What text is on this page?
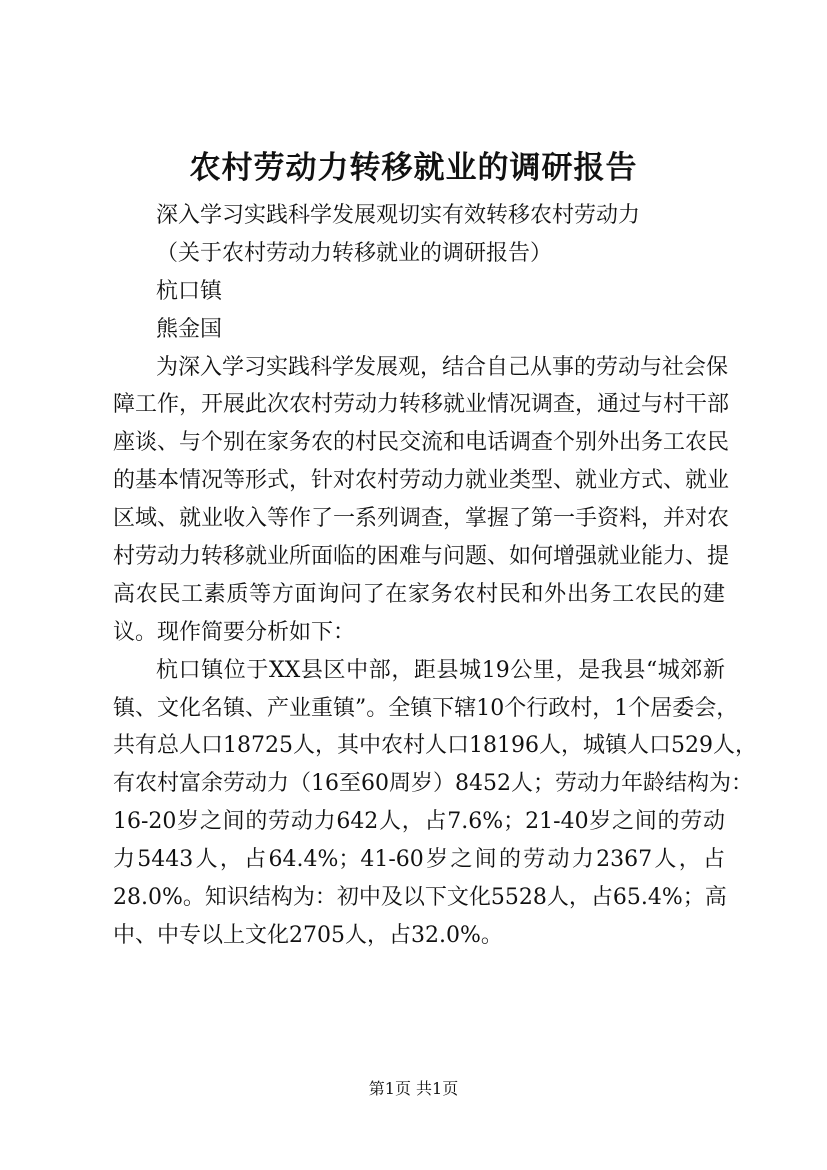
农村劳动力转移就业的调研报告
深入学习实践科学发展观切实有效转移农村劳动力
（关于农村劳动力转移就业的调研报告）
杭口镇
熊金国
为深入学习实践科学发展观，结合自己从事的劳动与社会保
障工作，开展此次农村劳动力转移就业情况调查，通过与村干部
座谈、与个别在家务农的村民交流和电话调查个别外出务工农民
的基本情况等形式，针对农村劳动力就业类型、就业方式、就业
区域、就业收入等作了一系列调查，掌握了第一手资料，并对农
村劳动力转移就业所面临的困难与问题、如何增强就业能力、提
高农民工素质等方面询问了在家务农村民和外出务工农民的建
议。现作简要分析如下：
杭口镇位于XX县区中部，距县城19公里，是我县“城郊新
镇、文化名镇、产业重镇”。全镇下辖10个行政村，1个居委会，
共有总人口18725人，其中农村人口18196人，城镇人口529人，
有农村富余劳动力（16至60周岁）8452人；劳动力年龄结构为：
16-20岁之间的劳动力642人，占7.6%；21-40岁之间的劳动
力5443人，占64.4%；41-60岁之间的劳动力2367人，占
28.0%。知识结构为：初中及以下文化5528人，占65.4%；高
中、中专以上文化2705人，占32.0%。
第1页 共1页
